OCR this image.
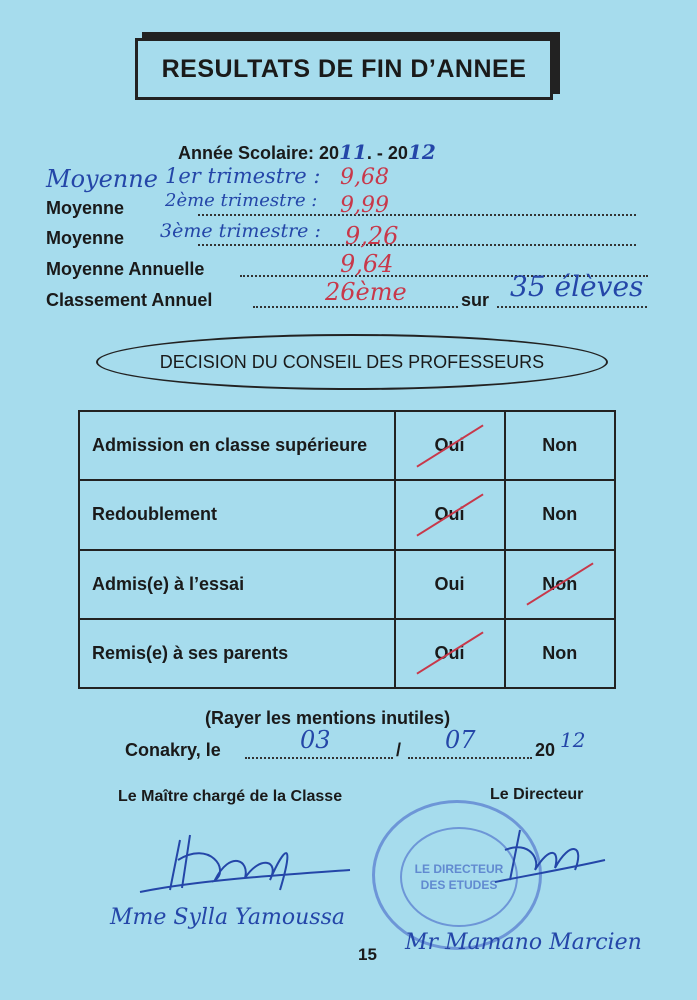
RESULTATS DE FIN D’ANNEE
Année Scolaire: 2011. - 2012
Moyenne 1er trimestre : 9,68
Moyenne 2ème trimestre : 9,99
Moyenne 3ème trimestre : 9,26
Moyenne Annuelle	9,64
Classement Annuel	26ème	sur 35 élèves
DECISION DU CONSEIL DES PROFESSEURS
Admission en classe supérieure	Oui	Non
Redoublement	Oui	Non
Admis(e) à l’essai	Oui	Non

Remis(e) à ses parents	Oui	Non
(Rayer les mentions inutiles)
Conakry, le	03	/ 07	20 12
Le Maître chargé de la Classe	Le Directeur
Mme Sylla Yamoussa
LE DIRECTEUR
DES ETUDES
Mr Mamano Marcien
15
